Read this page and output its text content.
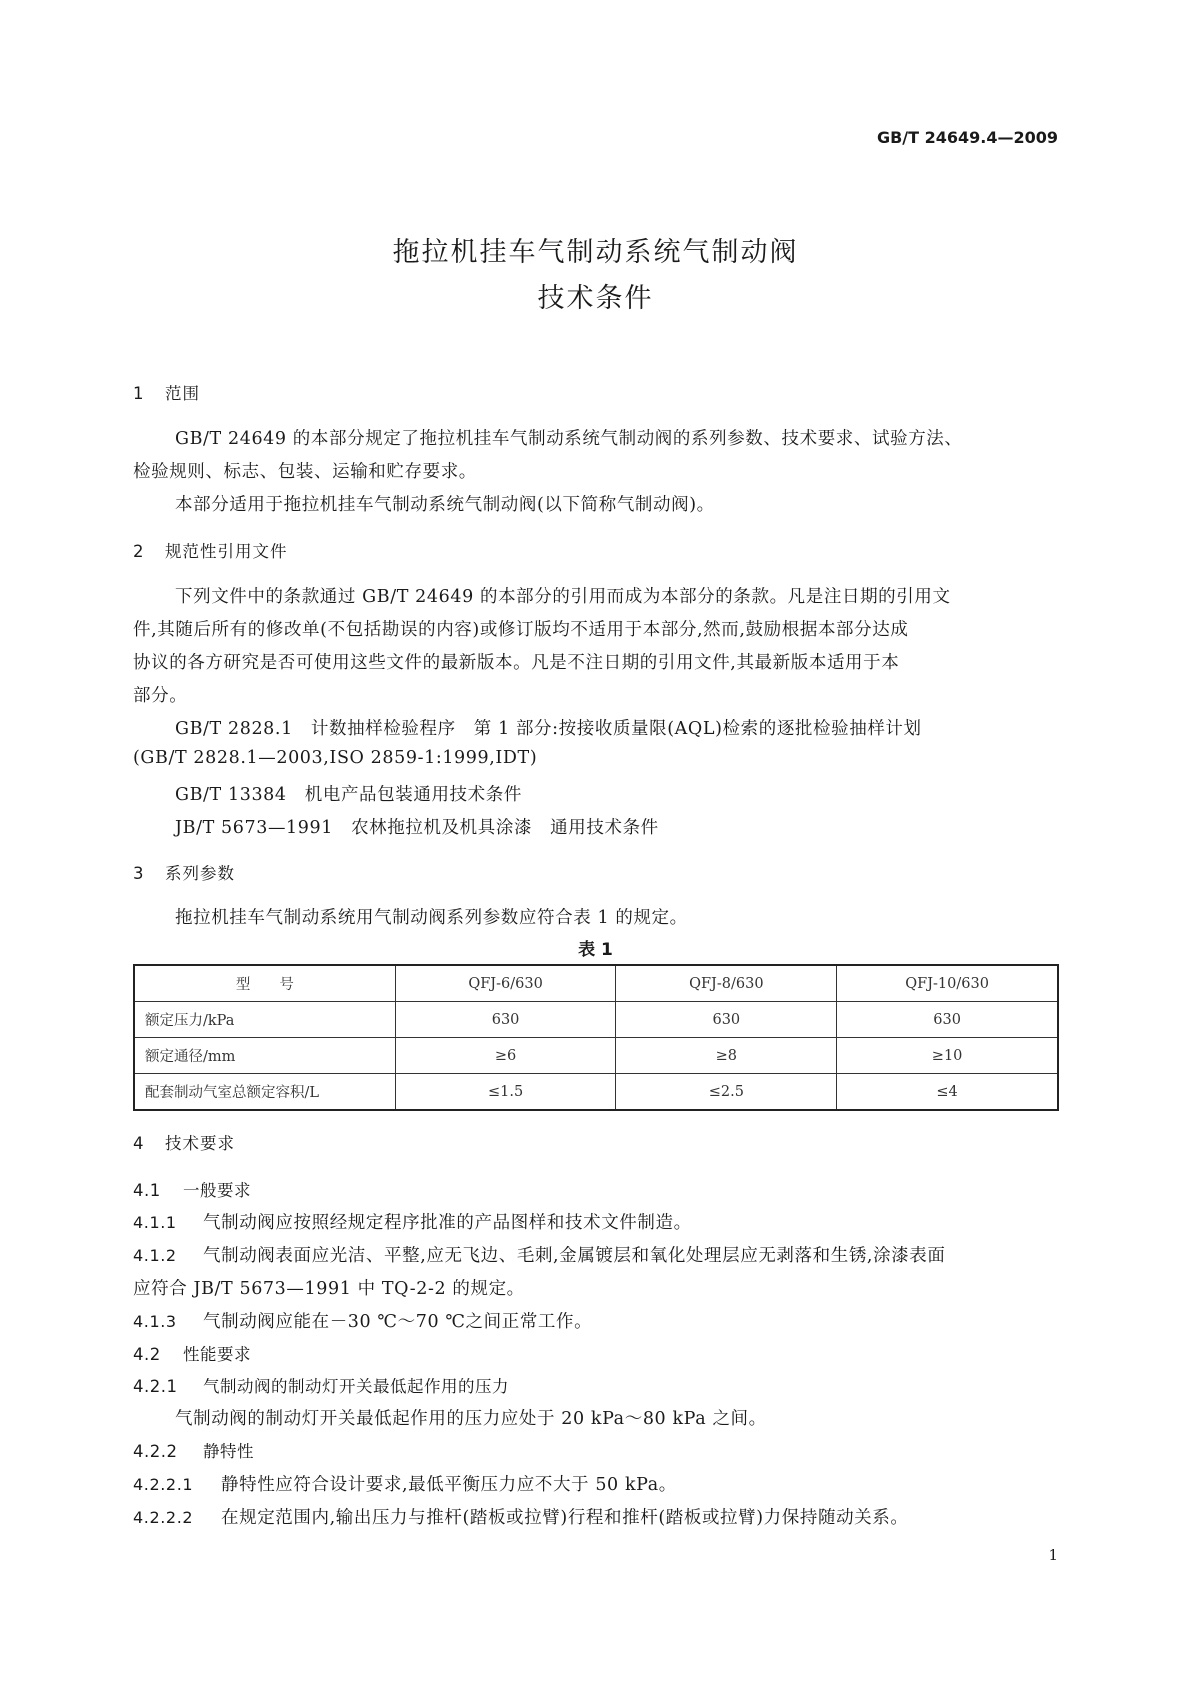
GB/T 24649.4—2009
拖拉机挂车气制动系统气制动阀
技术条件
1 范围
GB/T 24649 的本部分规定了拖拉机挂车气制动系统气制动阀的系列参数、技术要求、试验方法、
检验规则、标志、包装、运输和贮存要求。
本部分适用于拖拉机挂车气制动系统气制动阀(以下简称气制动阀)。
2 规范性引用文件
下列文件中的条款通过 GB/T 24649 的本部分的引用而成为本部分的条款。凡是注日期的引用文
件,其随后所有的修改单(不包括勘误的内容)或修订版均不适用于本部分,然而,鼓励根据本部分达成
协议的各方研究是否可使用这些文件的最新版本。凡是不注日期的引用文件,其最新版本适用于本
部分。
GB/T 2828.1　计数抽样检验程序　第 1 部分:按接收质量限(AQL)检索的逐批检验抽样计划
(GB/T 2828.1—2003,ISO 2859-1:1999,IDT)
GB/T 13384　机电产品包装通用技术条件
JB/T 5673—1991　农林拖拉机及机具涂漆　通用技术条件
3 系列参数
拖拉机挂车气制动系统用气制动阀系列参数应符合表 1 的规定。
表 1
型　　号	QFJ-6/630	QFJ-8/630	QFJ-10/630
额定压力/kPa	630	630	630
额定通径/mm	≥6	≥8	≥10
配套制动气室总额定容积/L	≤1.5	≤2.5	≤4
4 技术要求
4.1 一般要求
4.1.1 气制动阀应按照经规定程序批准的产品图样和技术文件制造。
4.1.2 气制动阀表面应光洁、平整,应无飞边、毛刺,金属镀层和氧化处理层应无剥落和生锈,涂漆表面
应符合 JB/T 5673—1991 中 TQ-2-2 的规定。
4.1.3 气制动阀应能在－30 ℃～70 ℃之间正常工作。
4.2 性能要求
4.2.1 气制动阀的制动灯开关最低起作用的压力
气制动阀的制动灯开关最低起作用的压力应处于 20 kPa～80 kPa 之间。
4.2.2 静特性
4.2.2.1 静特性应符合设计要求,最低平衡压力应不大于 50 kPa。
4.2.2.2 在规定范围内,输出压力与推杆(踏板或拉臂)行程和推杆(踏板或拉臂)力保持随动关系。
1
